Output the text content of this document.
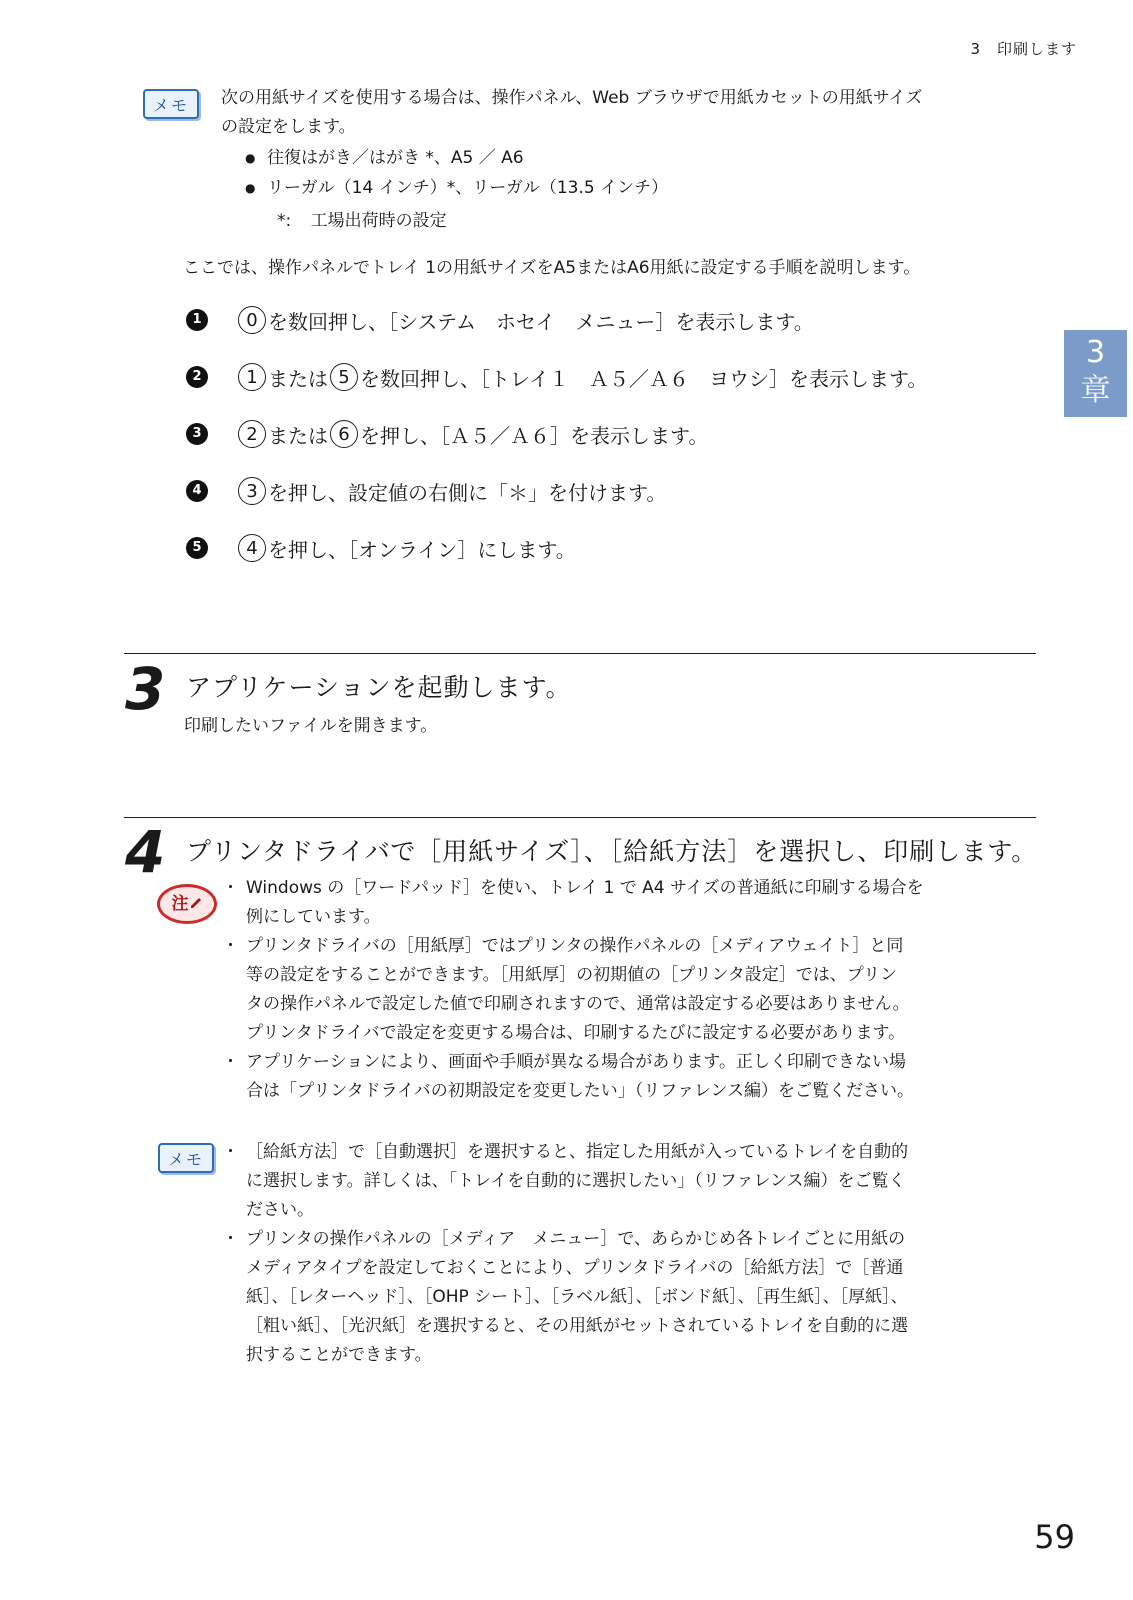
3　印刷します
3
章
メモ	次の用紙サイズを使用する場合は、操作パネル、Web ブラウザで用紙カセットの用紙サイズ
の設定をします。
● 往復はがき／はがき *、A5 ／ A6
● リーガル（14 インチ）*、リーガル（13.5 インチ）
*: 工場出荷時の設定
ここでは、操作パネルでトレイ 1の用紙サイズをA5またはA6用紙に設定する手順を説明します。
1	0 を数回押し、［システム　ホセイ　メニュー］を表示します。
2	1 または 5 を数回押し、［トレイ１　Ａ５／Ａ６　ヨウシ］を表示します。
3	2 または 6 を押し、［Ａ５／Ａ６］を表示します。
4	3 を押し、設定値の右側に「＊」を付けます。
5	4 を押し、［オンライン］にします。
3 アプリケーションを起動します。
印刷したいファイルを開きます。
4 プリンタドライバで［用紙サイズ］、［給紙方法］を選択し、印刷します。
注
・ Windows の［ワードパッド］を使い、トレイ 1 で A4 サイズの普通紙に印刷する場合を
例にしています。
・ プリンタドライバの［用紙厚］ではプリンタの操作パネルの［メディアウェイト］と同
等の設定をすることができます。［用紙厚］の初期値の［プリンタ設定］では、プリン
タの操作パネルで設定した値で印刷されますので、通常は設定する必要はありません。
プリンタドライバで設定を変更する場合は、印刷するたびに設定する必要があります。
・ アプリケーションにより、画面や手順が異なる場合があります。正しく印刷できない場
合は「プリンタドライバの初期設定を変更したい」（リファレンス編）をご覧ください。
メモ
・	［給紙方法］で［自動選択］を選択すると、指定した用紙が入っているトレイを自動的
に選択します。詳しくは、「トレイを自動的に選択したい」（リファレンス編）をご覧く
ださい。
・ プリンタの操作パネルの［メディア　メニュー］で、あらかじめ各トレイごとに用紙の
メディアタイプを設定しておくことにより、プリンタドライバの［給紙方法］で［普通
紙］、［レターヘッド］、［OHP シート］、［ラベル紙］、［ボンド紙］、［再生紙］、［厚紙］、
［粗い紙］、［光沢紙］を選択すると、その用紙がセットされているトレイを自動的に選
択することができます。
59
